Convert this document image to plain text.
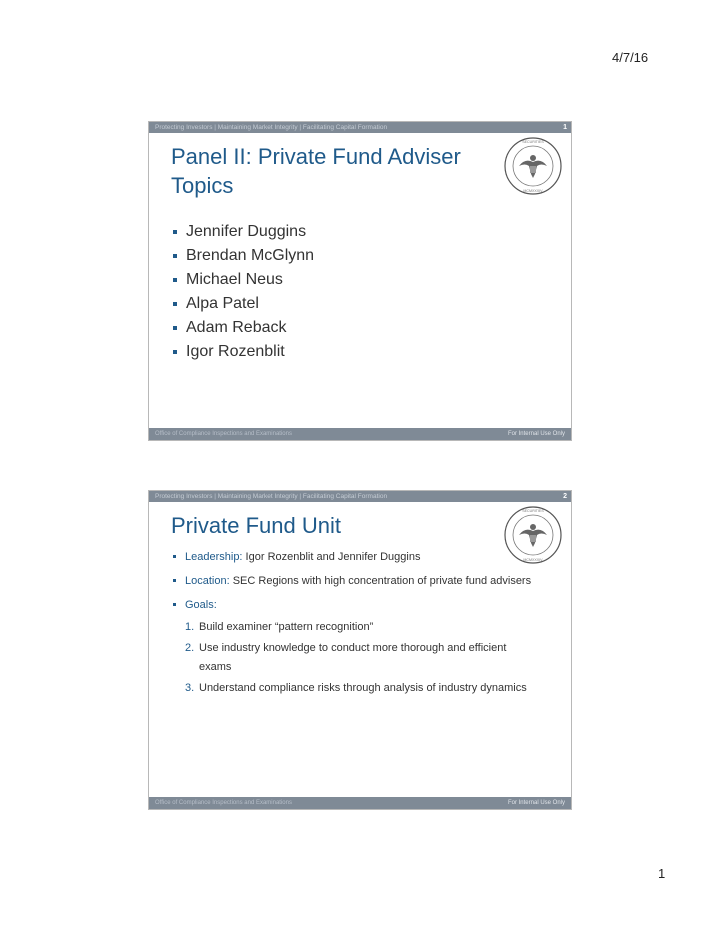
4/7/16
Protecting Investors | Maintaining Market Integrity | Facilitating Capital Formation	1
SECURITIES
MCMXXXIV
Panel II: Private Fund Adviser Topics
Jennifer Duggins
Brendan McGlynn
Michael Neus
Alpa Patel
Adam Reback
Igor Rozenblit
Office of Compliance Inspections and Examinations	For Internal Use Only
Protecting Investors | Maintaining Market Integrity | Facilitating Capital Formation	2
SECURITIES
MCMXXXIV
Private Fund Unit
Leadership: Igor Rozenblit and Jennifer Duggins
Location: SEC Regions with high concentration of private fund advisers
Goals:
1. Build examiner “pattern recognition”
2. Use industry knowledge to conduct more thorough and efficient exams
3. Understand compliance risks through analysis of industry dynamics
Office of Compliance Inspections and Examinations	For Internal Use Only
1
